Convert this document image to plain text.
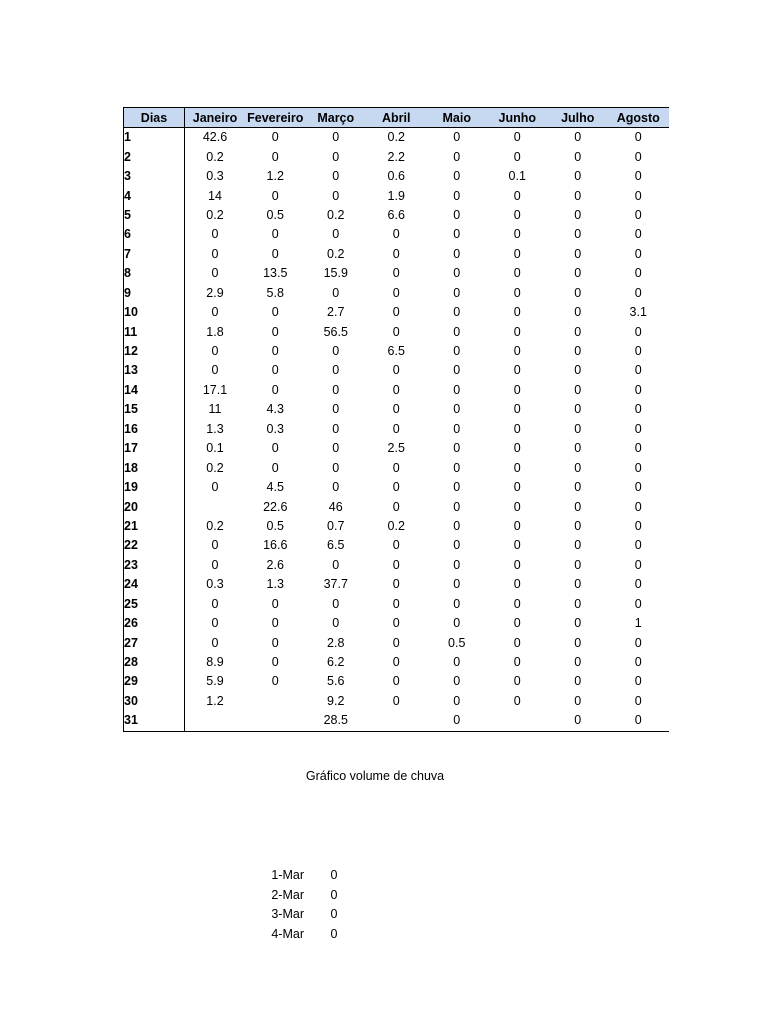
Dias	Janeiro	Fevereiro	Março	Abril	Maio	Junho	Julho	Agosto
1	42.6	0	0	0.2	0	0	0	0
2	0.2	0	0	2.2	0	0	0	0
3	0.3	1.2	0	0.6	0	0.1	0	0
4	14	0	0	1.9	0	0	0	0
5	0.2	0.5	0.2	6.6	0	0	0	0
6	0	0	0	0	0	0	0	0
7	0	0	0.2	0	0	0	0	0
8	0	13.5	15.9	0	0	0	0	0
9	2.9	5.8	0	0	0	0	0	0
10	0	0	2.7	0	0	0	0	3.1
11	1.8	0	56.5	0	0	0	0	0
12	0	0	0	6.5	0	0	0	0
13	0	0	0	0	0	0	0	0
14	17.1	0	0	0	0	0	0	0
15	11	4.3	0	0	0	0	0	0
16	1.3	0.3	0	0	0	0	0	0
17	0.1	0	0	2.5	0	0	0	0
18	0.2	0	0	0	0	0	0	0
19	0	4.5	0	0	0	0	0	0
20		22.6	46	0	0	0	0	0
21	0.2	0.5	0.7	0.2	0	0	0	0
22	0	16.6	6.5	0	0	0	0	0
23	0	2.6	0	0	0	0	0	0
24	0.3	1.3	37.7	0	0	0	0	0
25	0	0	0	0	0	0	0	0
26	0	0	0	0	0	0	0	1
27	0	0	2.8	0	0.5	0	0	0
28	8.9	0	6.2	0	0	0	0	0
29	5.9	0	5.6	0	0	0	0	0
30	1.2		9.2	0	0	0	0	0
31			28.5		0		0	0
Gráfico volume de chuva
1-Mar	0
2-Mar	0
3-Mar	0
4-Mar	0
